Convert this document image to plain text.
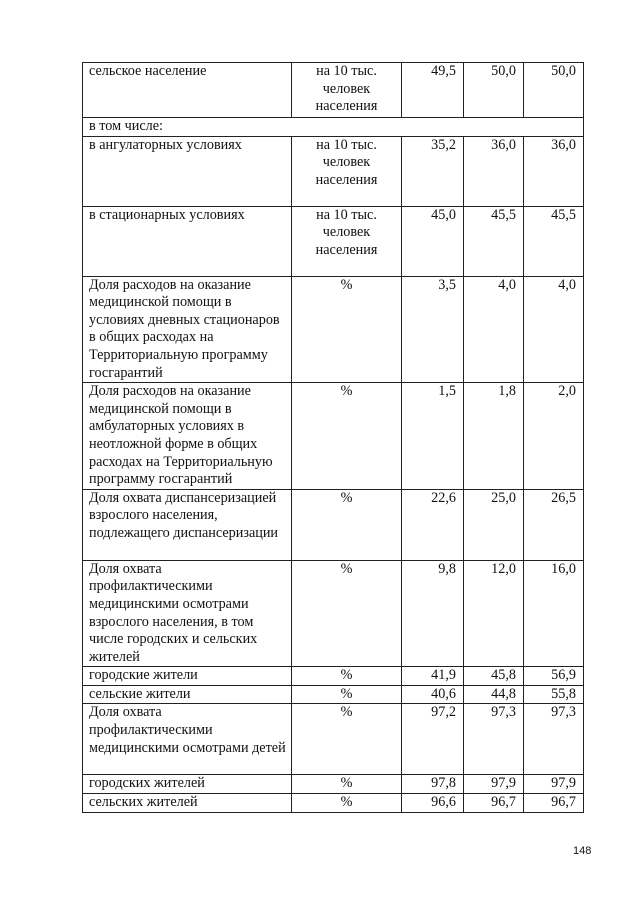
сельское население	на 10 тыс. человек населения	49,5	50,0	50,0
в том числе:				
в ангулаторных условиях	на 10 тыс. человек населения	35,2	36,0	36,0
в стационарных условиях	на 10 тыс. человек населения	45,0	45,5	45,5
Доля расходов на оказание медицинской помощи в условиях дневных стационаров в общих расходах на Территориальную программу госгарантий	%	3,5	4,0	4,0
Доля расходов на оказание медицинской помощи в амбулаторных условиях в неотложной форме в общих расходах на Территориальную программу госгарантий	%	1,5	1,8	2,0
Доля охвата диспансеризацией взрослого населения, подлежащего диспансеризации	%	22,6	25,0	26,5
Доля охвата профилактическими медицинскими осмотрами взрослого населения, в том числе городских и сельских жителей	%	9,8	12,0	16,0
городские жители	%	41,9	45,8	56,9
сельские жители	%	40,6	44,8	55,8
Доля охвата профилактическими медицинскими осмотрами детей	%	97,2	97,3	97,3
городских жителей	%	97,8	97,9	97,9
сельских жителей	%	96,6	96,7	96,7
148
